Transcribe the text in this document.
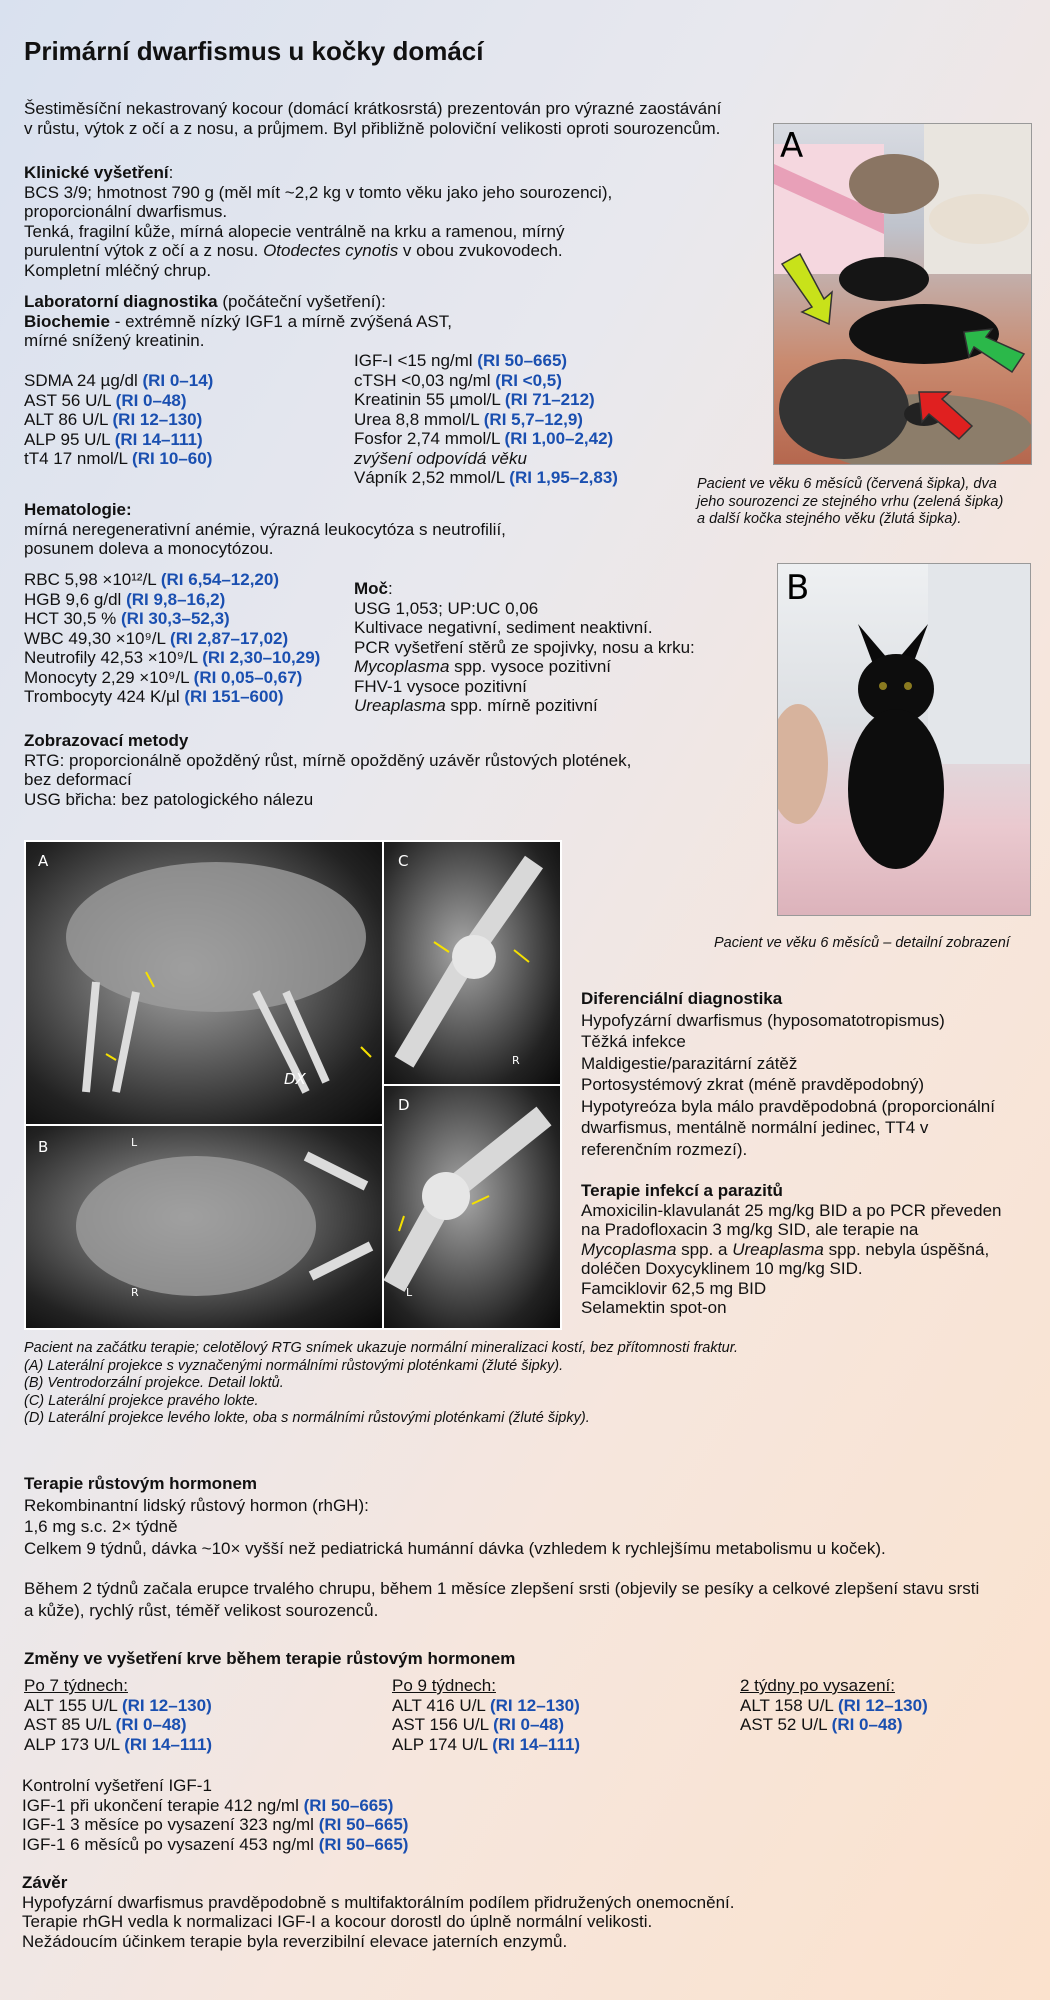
Primární dwarfismus u kočky domácí
Šestiměsíční nekastrovaný kocour (domácí krátkosrstá) prezentován pro výrazné zaostávání
v růstu, výtok z očí a z nosu, a průjmem. Byl přibližně poloviční velikosti oproti sourozencům.
Klinické vyšetření:
BCS 3/9; hmotnost 790 g (měl mít ~2,2 kg v tomto věku jako jeho sourozenci),
proporcionální dwarfismus.
Tenká, fragilní kůže, mírná alopecie ventrálně na krku a ramenou, mírný
purulentní výtok z očí a z nosu. Otodectes cynotis v obou zvukovodech.
Kompletní mléčný chrup.
Laboratorní diagnostika (počáteční vyšetření):
Biochemie - extrémně nízký IGF1 a mírně zvýšená AST,
mírné snížený kreatinin.
SDMA 24 µg/dl (RI 0–14)
AST 56 U/L (RI 0–48)
ALT 86 U/L (RI 12–130)
ALP 95 U/L (RI 14–111)
tT4 17 nmol/L (RI 10–60)
IGF-I <15 ng/ml (RI 50–665)
cTSH <0,03 ng/ml (RI <0,5)
Kreatinin 55 µmol/L (RI 71–212)
Urea 8,8 mmol/L (RI 5,7–12,9)
Fosfor 2,74 mmol/L (RI 1,00–2,42)
zvýšení odpovídá věku
Vápník 2,52 mmol/L (RI 1,95–2,83)
Hematologie:
mírná neregenerativní anémie, výrazná leukocytóza s neutrofilií,
posunem doleva a monocytózou.
RBC 5,98 ×10¹²/L (RI 6,54–12,20)
HGB 9,6 g/dl (RI 9,8–16,2)
HCT 30,5 % (RI 30,3–52,3)
WBC 49,30 ×10⁹/L (RI 2,87–17,02)
Neutrofily 42,53 ×10⁹/L (RI 2,30–10,29)
Monocyty 2,29 ×10⁹/L (RI 0,05–0,67)
Trombocyty 424 K/µl (RI 151–600)
Moč:
USG 1,053; UP:UC 0,06
Kultivace negativní, sediment neaktivní.
PCR vyšetření stěrů ze spojivky, nosu a krku:
Mycoplasma spp. vysoce pozitivní
FHV-1 vysoce pozitivní
Ureaplasma spp. mírně pozitivní
Zobrazovací metody
RTG: proporcionálně opožděný růst, mírně opožděný uzávěr růstových plotének,
bez deformací
USG břicha: bez patologického nálezu
A
Pacient ve věku 6 měsíců (červená šipka), dva
jeho sourozenci ze stejného vrhu (zelená šipka)
a další kočka stejného věku (žlutá šipka).
B
Pacient ve věku 6 měsíců – detailní zobrazení
A
DX
C
R
B	L
R
D
L
Pacient na začátku terapie; celotělový RTG snímek ukazuje normální mineralizaci kostí, bez přítomnosti fraktur.
(A) Laterální projekce s vyznačenými normálními růstovými ploténkami (žluté šipky).
(B) Ventrodorzální projekce. Detail loktů.
(C) Laterální projekce pravého lokte.
(D) Laterální projekce levého lokte, oba s normálními růstovými ploténkami (žluté šipky).
Diferenciální diagnostika
Hypofyzární dwarfismus (hyposomatotropismus)
Těžká infekce
Maldigestie/parazitární zátěž
Portosystémový zkrat (méně pravděpodobný)
Hypotyreóza byla málo pravděpodobná (proporcionální
dwarfismus, mentálně normální jedinec, TT4 v
referenčním rozmezí).
Terapie infekcí a parazitů
Amoxicilin-klavulanát 25 mg/kg BID a po PCR převeden
na Pradofloxacin 3 mg/kg SID, ale terapie na
Mycoplasma spp. a Ureaplasma spp. nebyla úspěšná,
doléčen Doxycyklinem 10 mg/kg SID.
Famciklovir 62,5 mg BID
Selamektin spot-on
Terapie růstovým hormonem
Rekombinantní lidský růstový hormon (rhGH):
1,6 mg s.c. 2× týdně
Celkem 9 týdnů, dávka ~10× vyšší než pediatrická humánní dávka (vzhledem k rychlejšímu metabolismu u koček).
Během 2 týdnů začala erupce trvalého chrupu, během 1 měsíce zlepšení srsti (objevily se pesíky a celkové zlepšení stavu srsti
a kůže), rychlý růst, téměř velikost sourozenců.
Změny ve vyšetření krve během terapie růstovým hormonem
Po 7 týdnech:
ALT 155 U/L (RI 12–130)
AST 85 U/L (RI 0–48)
ALP 173 U/L (RI 14–111)
Po 9 týdnech:
ALT 416 U/L (RI 12–130)
AST 156 U/L (RI 0–48)
ALP 174 U/L (RI 14–111)
2 týdny po vysazení:
ALT 158 U/L (RI 12–130)
AST 52 U/L (RI 0–48)
Kontrolní vyšetření IGF-1
IGF-1 při ukončení terapie 412 ng/ml (RI 50–665)
IGF-1 3 měsíce po vysazení 323 ng/ml (RI 50–665)
IGF-1 6 měsíců po vysazení 453 ng/ml (RI 50–665)
Závěr
Hypofyzární dwarfismus pravděpodobně s multifaktorálním podílem přidružených onemocnění.
Terapie rhGH vedla k normalizaci IGF-I a kocour dorostl do úplně normální velikosti.
Nežádoucím účinkem terapie byla reverzibilní elevace jaterních enzymů.
